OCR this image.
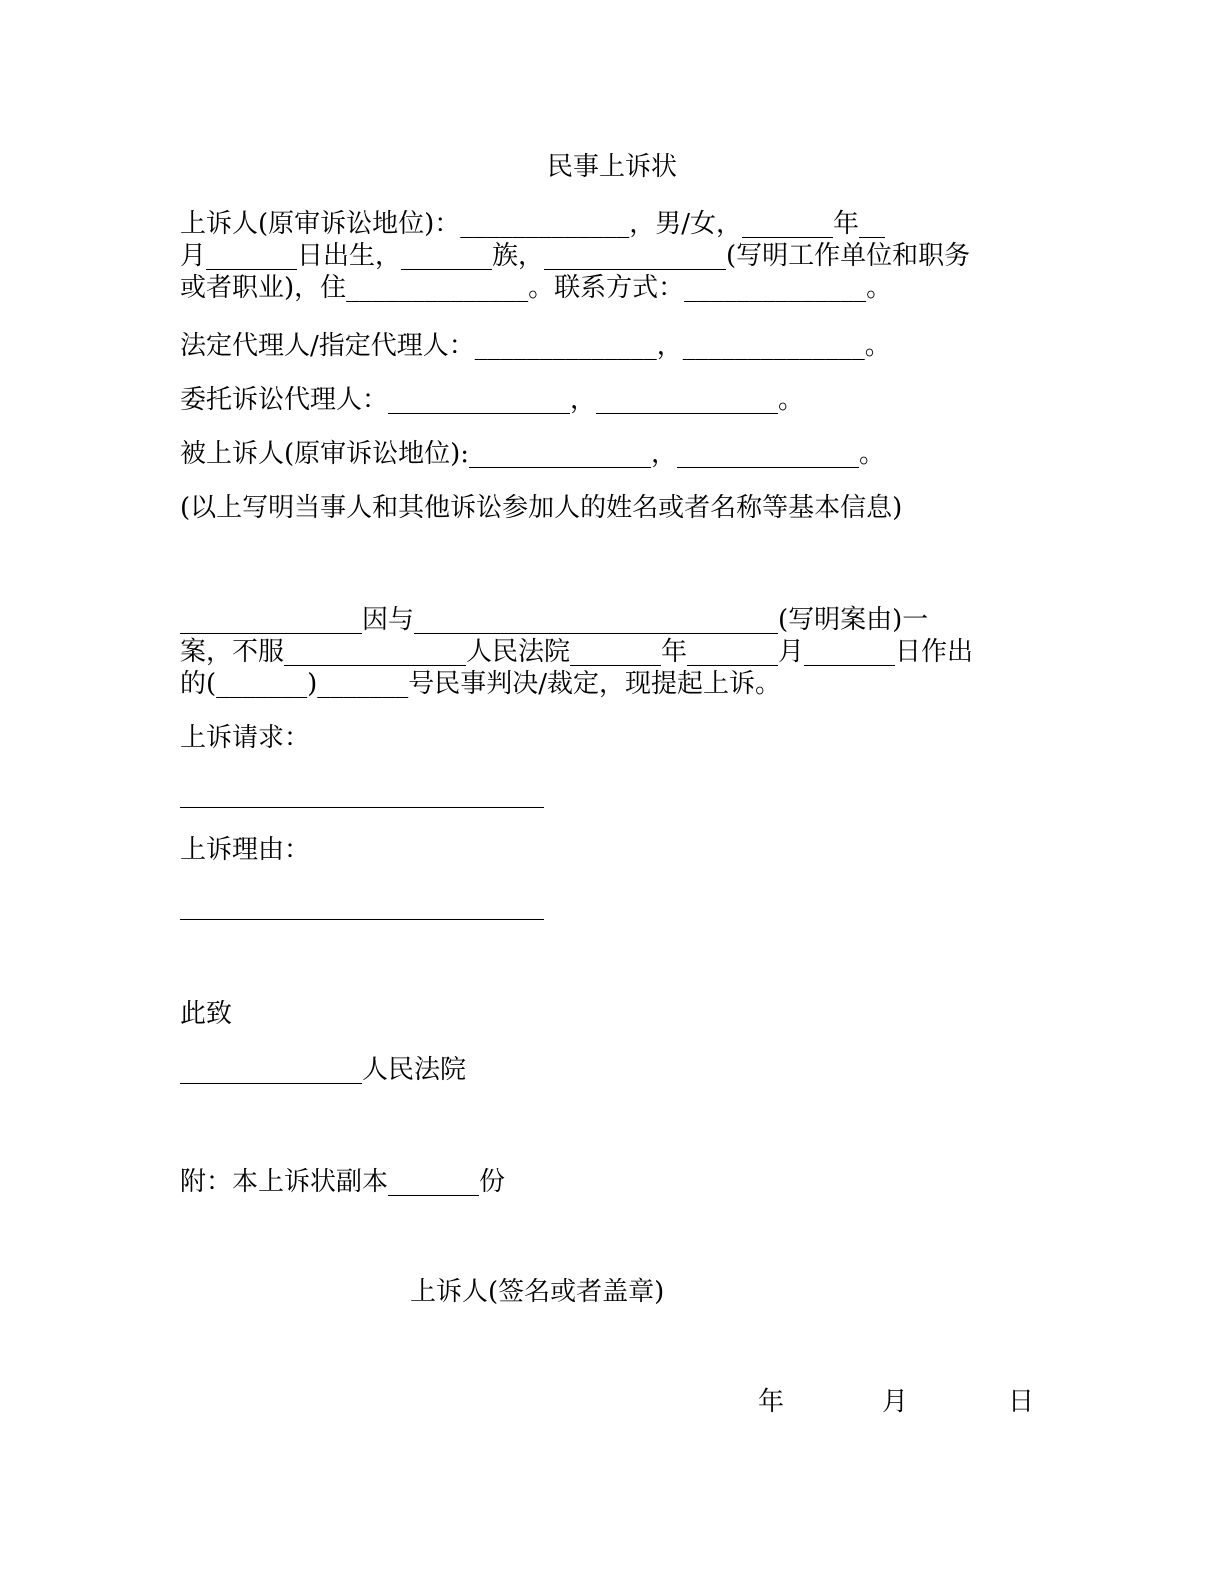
民事上诉状

上诉人(原审诉讼地位)：_____________，男/女，_______年__

月_______日出生，_______族，______________(写明工作单位和职务

或者职业)，住______________。联系方式：______________。

法定代理人/指定代理人：______________，______________。

委托诉讼代理人：______________，______________。

被上诉人(原审诉讼地位):______________，______________。

(以上写明当事人和其他诉讼参加人的姓名或者名称等基本信息)

______________因与____________________________(写明案由)一

案，不服______________人民法院_______年_______月_______日作出

的(_______)_______号民事判决/裁定，现提起上诉。

上诉请求：

____________________________

上诉理由：

____________________________

此致

______________人民法院

附：本上诉状副本_______份

上诉人(签名或者盖章)

年	月	日
